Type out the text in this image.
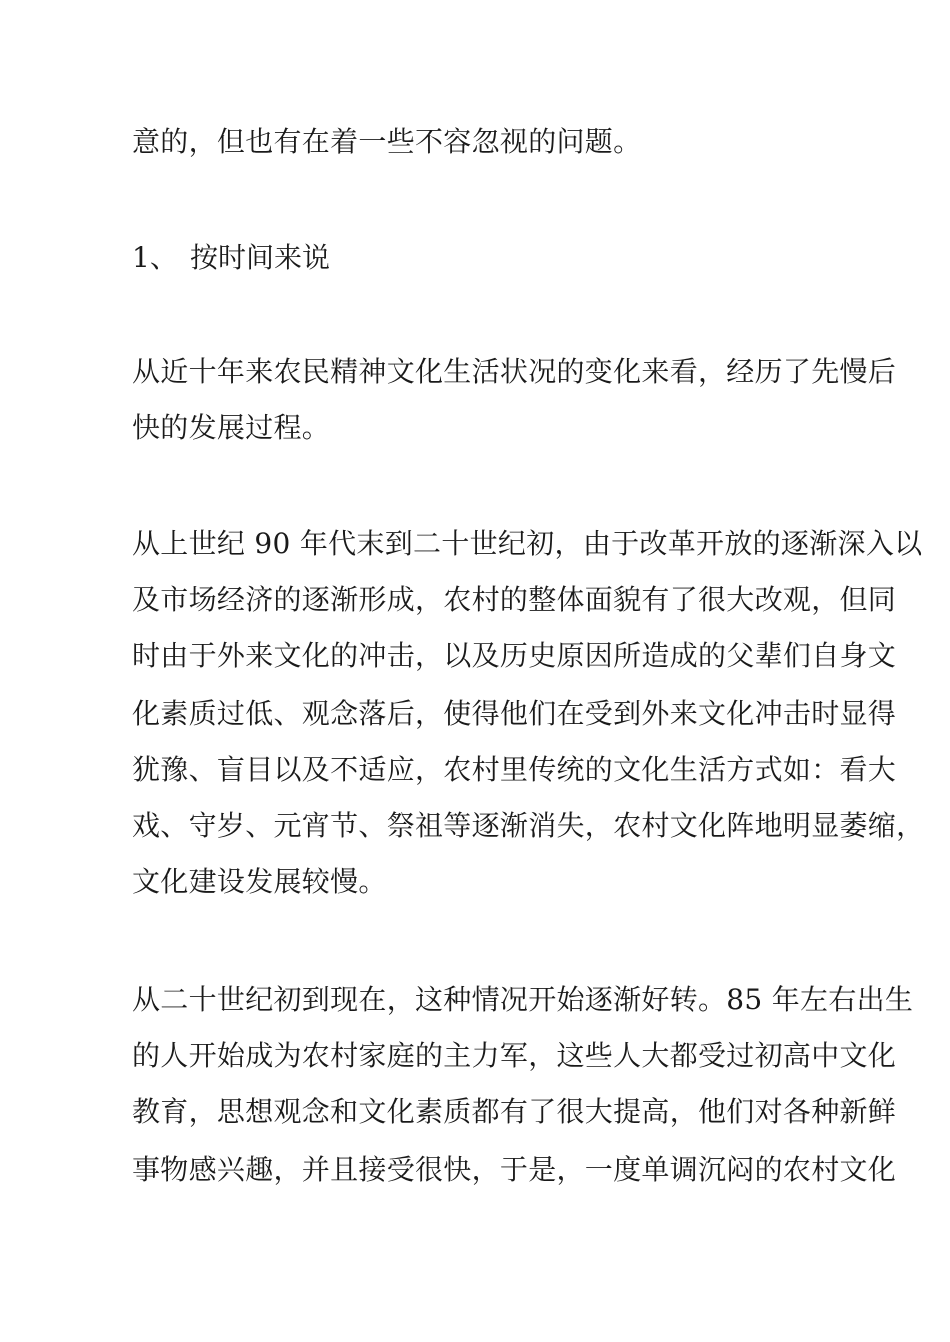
意的，但也有在着一些不容忽视的问题。
1、 按时间来说
从近十年来农民精神文化生活状况的变化来看，经历了先慢后
快的发展过程。
从上世纪 90 年代末到二十世纪初，由于改革开放的逐渐深入以
及市场经济的逐渐形成，农村的整体面貌有了很大改观，但同
时由于外来文化的冲击，以及历史原因所造成的父辈们自身文
化素质过低、观念落后，使得他们在受到外来文化冲击时显得
犹豫、盲目以及不适应，农村里传统的文化生活方式如：看大
戏、守岁、元宵节、祭祖等逐渐消失，农村文化阵地明显萎缩，
文化建设发展较慢。
从二十世纪初到现在，这种情况开始逐渐好转。85 年左右出生
的人开始成为农村家庭的主力军，这些人大都受过初高中文化
教育，思想观念和文化素质都有了很大提高，他们对各种新鲜
事物感兴趣，并且接受很快，于是，一度单调沉闷的农村文化
